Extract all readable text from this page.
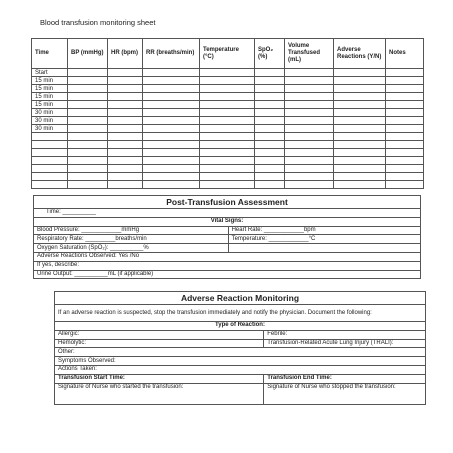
Blood transfusion monitoring sheet
Time	BP (mmHg)	HR (bpm)	RR (breaths/min)	Temperature (°C)	SpO₂ (%)	Volume Transfused (mL)	Adverse Reactions (Y/N)	Notes
Start								
15 min								
15 min								
15 min								
15 min								
30 min								
30 min								
30 min								

Post-Transfusion Assessment	
Time: __________	
Vital Signs:	
Blood Pressure: ____________mmHg	Heart Rate: ____________bpm
Respiratory Rate: _________breaths/min	Temperature: ____________°C
Oxygen Saturation (SpO₂): __________%	
Adverse Reactions Observed: Yes /No	
If yes, describe:	
Urine Output: __________mL (if applicable)	
Adverse Reaction Monitoring	
If an adverse reaction is suspected, stop the transfusion immediately and notify the physician. Document the following:	
Type of Reaction:	
Allergic:	Febrile:
Hemolytic:	Transfusion-Related Acute Lung Injury (TRALI):
Other:	
Symptoms Observed:	
Actions Taken:	
Transfusion Start Time:	Transfusion End Time:
Signature of Nurse who started the transfusion:	Signature of Nurse who stopped the transfusion:
